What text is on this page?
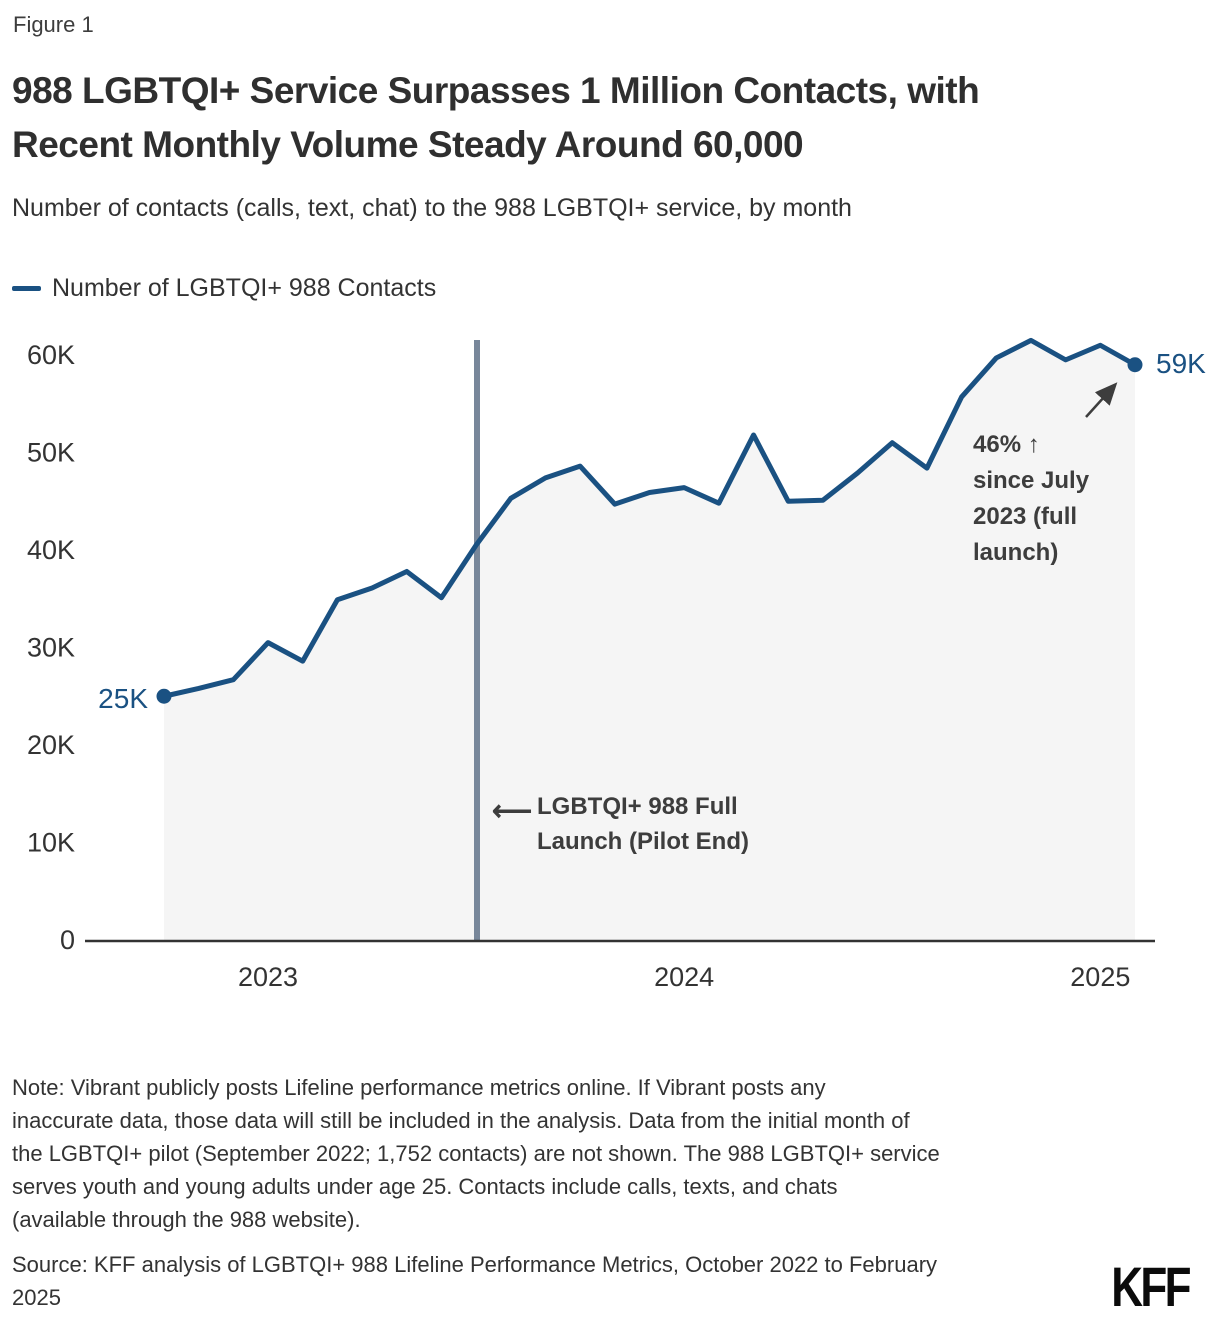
Figure 1
988 LGBTQI+ Service Surpasses 1 Million Contacts, with
Recent Monthly Volume Steady Around 60,000
Number of contacts (calls, text, chat) to the 988 LGBTQI+ service, by month
Number of LGBTQI+ 988 Contacts
0
10K
20K
30K
40K
50K
60K
2023	2024	2025
25K
59K
⟵ LGBTQI+ 988 Full
Launch (Pilot End)
46% ↑
since July
2023 (full
launch)
Note: Vibrant publicly posts Lifeline performance metrics online. If Vibrant posts any
inaccurate data, those data will still be included in the analysis. Data from the initial month of
the LGBTQI+ pilot (September 2022; 1,752 contacts) are not shown. The 988 LGBTQI+ service
serves youth and young adults under age 25. Contacts include calls, texts, and chats
(available through the 988 website).
Source: KFF analysis of LGBTQI+ 988 Lifeline Performance Metrics, October 2022 to February
2025	KFF
